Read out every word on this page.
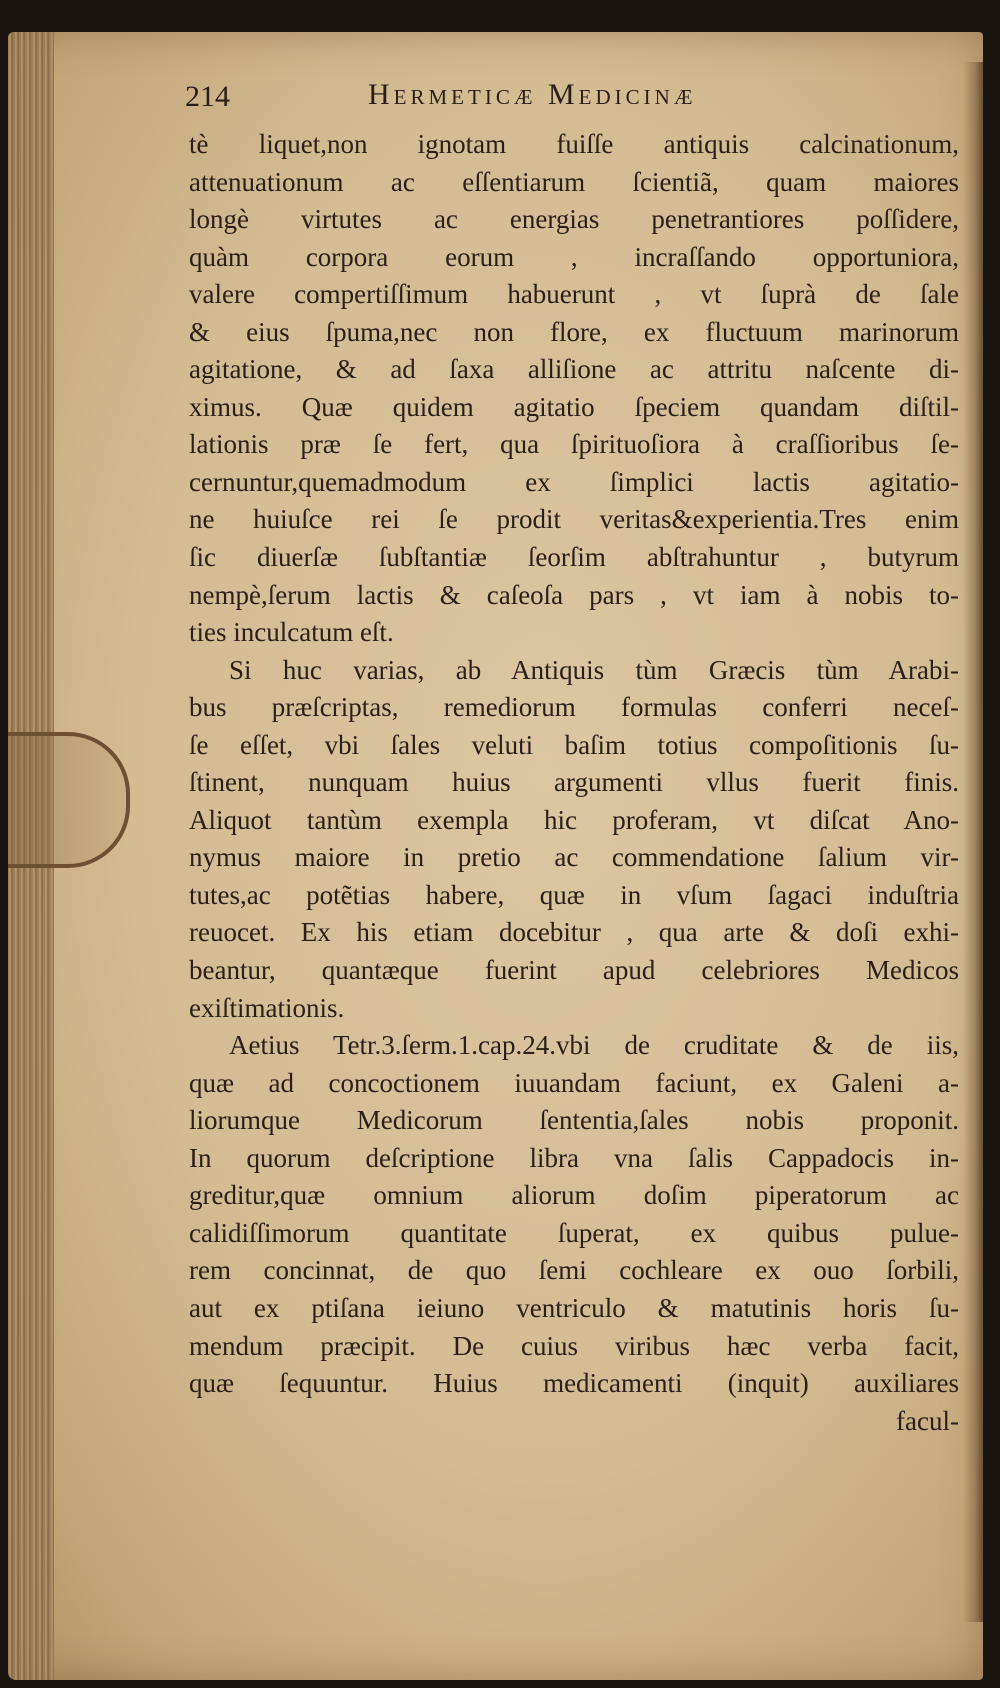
214	Hermeticæ Medicinæ
tè liquet,non ignotam fuiſſe antiquis calcinationum,
attenuationum ac eſſentiarum ſcientiã, quam maiores
longè virtutes ac energias penetrantiores poſſidere,
quàm corpora eorum , incraſſando opportuniora,
valere compertiſſimum habuerunt , vt ſuprà de ſale
& eius ſpuma,nec non flore, ex fluctuum marinorum
agitatione, & ad ſaxa alliſione ac attritu naſcente di-
ximus. Quæ quidem agitatio ſpeciem quandam diſtil-
lationis præ ſe fert, qua ſpirituoſiora à craſſioribus ſe-
cernuntur,quemadmodum ex ſimplici lactis agitatio-
ne huiuſce rei ſe prodit veritas&experientia.Tres enim
ſic diuerſæ ſubſtantiæ ſeorſim abſtrahuntur , butyrum
nempè,ſerum lactis & caſeoſa pars , vt iam à nobis to-
ties inculcatum eſt.
Si huc varias, ab Antiquis tùm Græcis tùm Arabi-
bus præſcriptas, remediorum formulas conferri neceſ-
ſe eſſet, vbi ſales veluti baſim totius compoſitionis ſu-
ſtinent, nunquam huius argumenti vllus fuerit finis.
Aliquot tantùm exempla hic proferam, vt diſcat Ano-
nymus maiore in pretio ac commendatione ſalium vir-
tutes,ac potẽtias habere, quæ in vſum ſagaci induſtria
reuocet. Ex his etiam docebitur , qua arte & doſi exhi-
beantur, quantæque fuerint apud celebriores Medicos
exiſtimationis.
Aetius Tetr.3.ſerm.1.cap.24.vbi de cruditate & de iis,
quæ ad concoctionem iuuandam faciunt, ex Galeni a-
liorumque Medicorum ſententia,ſales nobis proponit.
In quorum deſcriptione libra vna ſalis Cappadocis in-
greditur,quæ omnium aliorum doſim piperatorum ac
calidiſſimorum quantitate ſuperat, ex quibus pulue-
rem concinnat, de quo ſemi cochleare ex ouo ſorbili,
aut ex ptiſana ieiuno ventriculo & matutinis horis ſu-
mendum præcipit. De cuius viribus hæc verba facit,
quæ ſequuntur. Huius medicamenti (inquit) auxiliares
facul-
